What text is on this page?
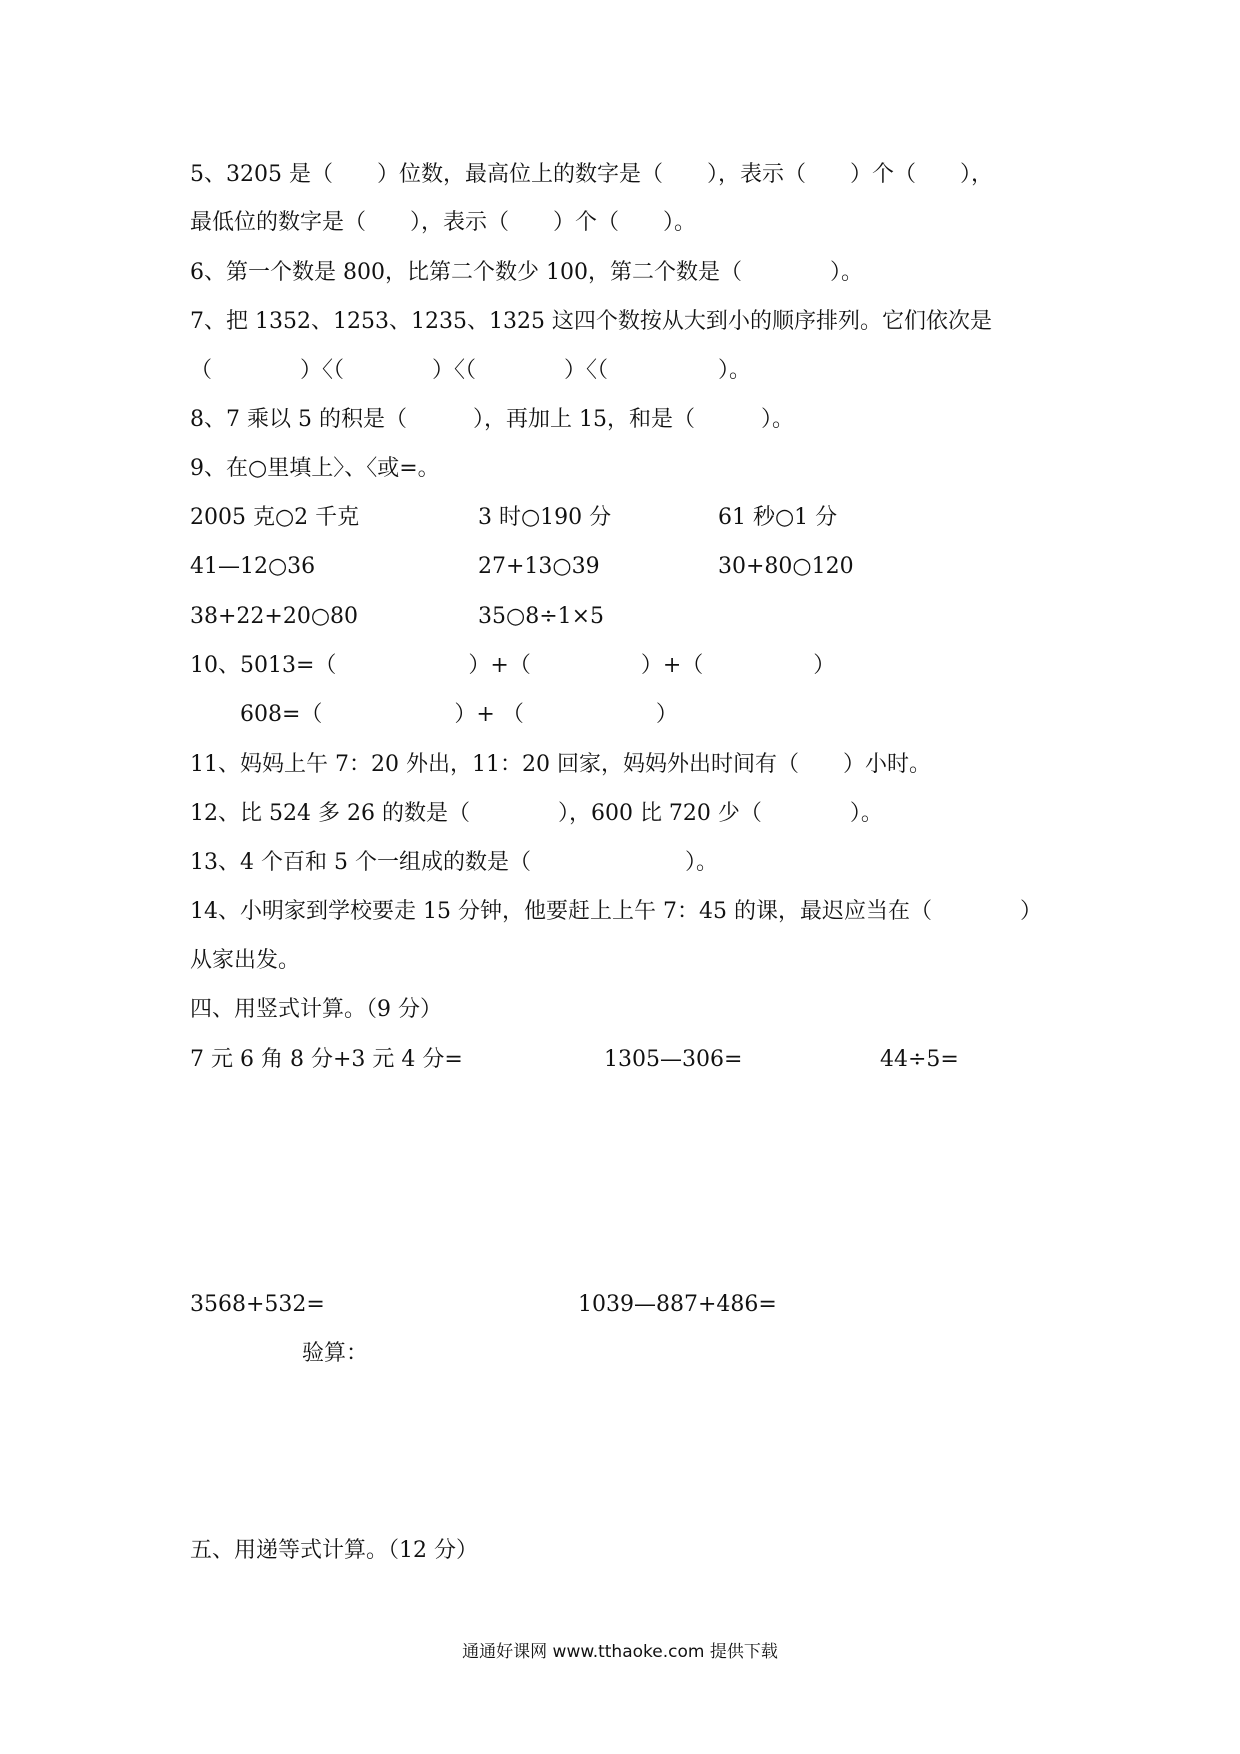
5、3205 是（　　）位数，最高位上的数字是（　　），表示（　　）个（　　），
最低位的数字是（　　），表示（　　）个（　　）。
6、第一个数是 800，比第二个数少 100，第二个数是（　　　　）。
7、把 1352、1253、1235、1325 这四个数按从大到小的顺序排列。它们依次是
（　　　　）〈（　　　　）〈（　　　　）〈（　　　　　）。
8、7 乘以 5 的积是（　　　），再加上 15，和是（　　　）。
9、在○里填上〉、〈或=。
2005 克○2 千克	3 时○190 分	61 秒○1 分
41—12○36	27+13○39	30+80○120
38+22+20○80	35○8÷1×5
10、5013=（　　　　　　）+（　　　　　）+（　　　　　）
608=（　　　　　　）+ （　　　　　　）
11、妈妈上午 7：20 外出，11：20 回家，妈妈外出时间有（　　）小时。
12、比 524 多 26 的数是（　　　　），600 比 720 少（　　　　）。
13、4 个百和 5 个一组成的数是（　　　　　　　）。
14、小明家到学校要走 15 分钟，他要赶上上午 7：45 的课，最迟应当在（　　　　）
从家出发。
四、用竖式计算。（9 分）
7 元 6 角 8 分+3 元 4 分=	1305—306=	44÷5=
3568+532=	1039—887+486=
验算：
五、用递等式计算。（12 分）
通通好课网 www.tthaoke.com 提供下载
